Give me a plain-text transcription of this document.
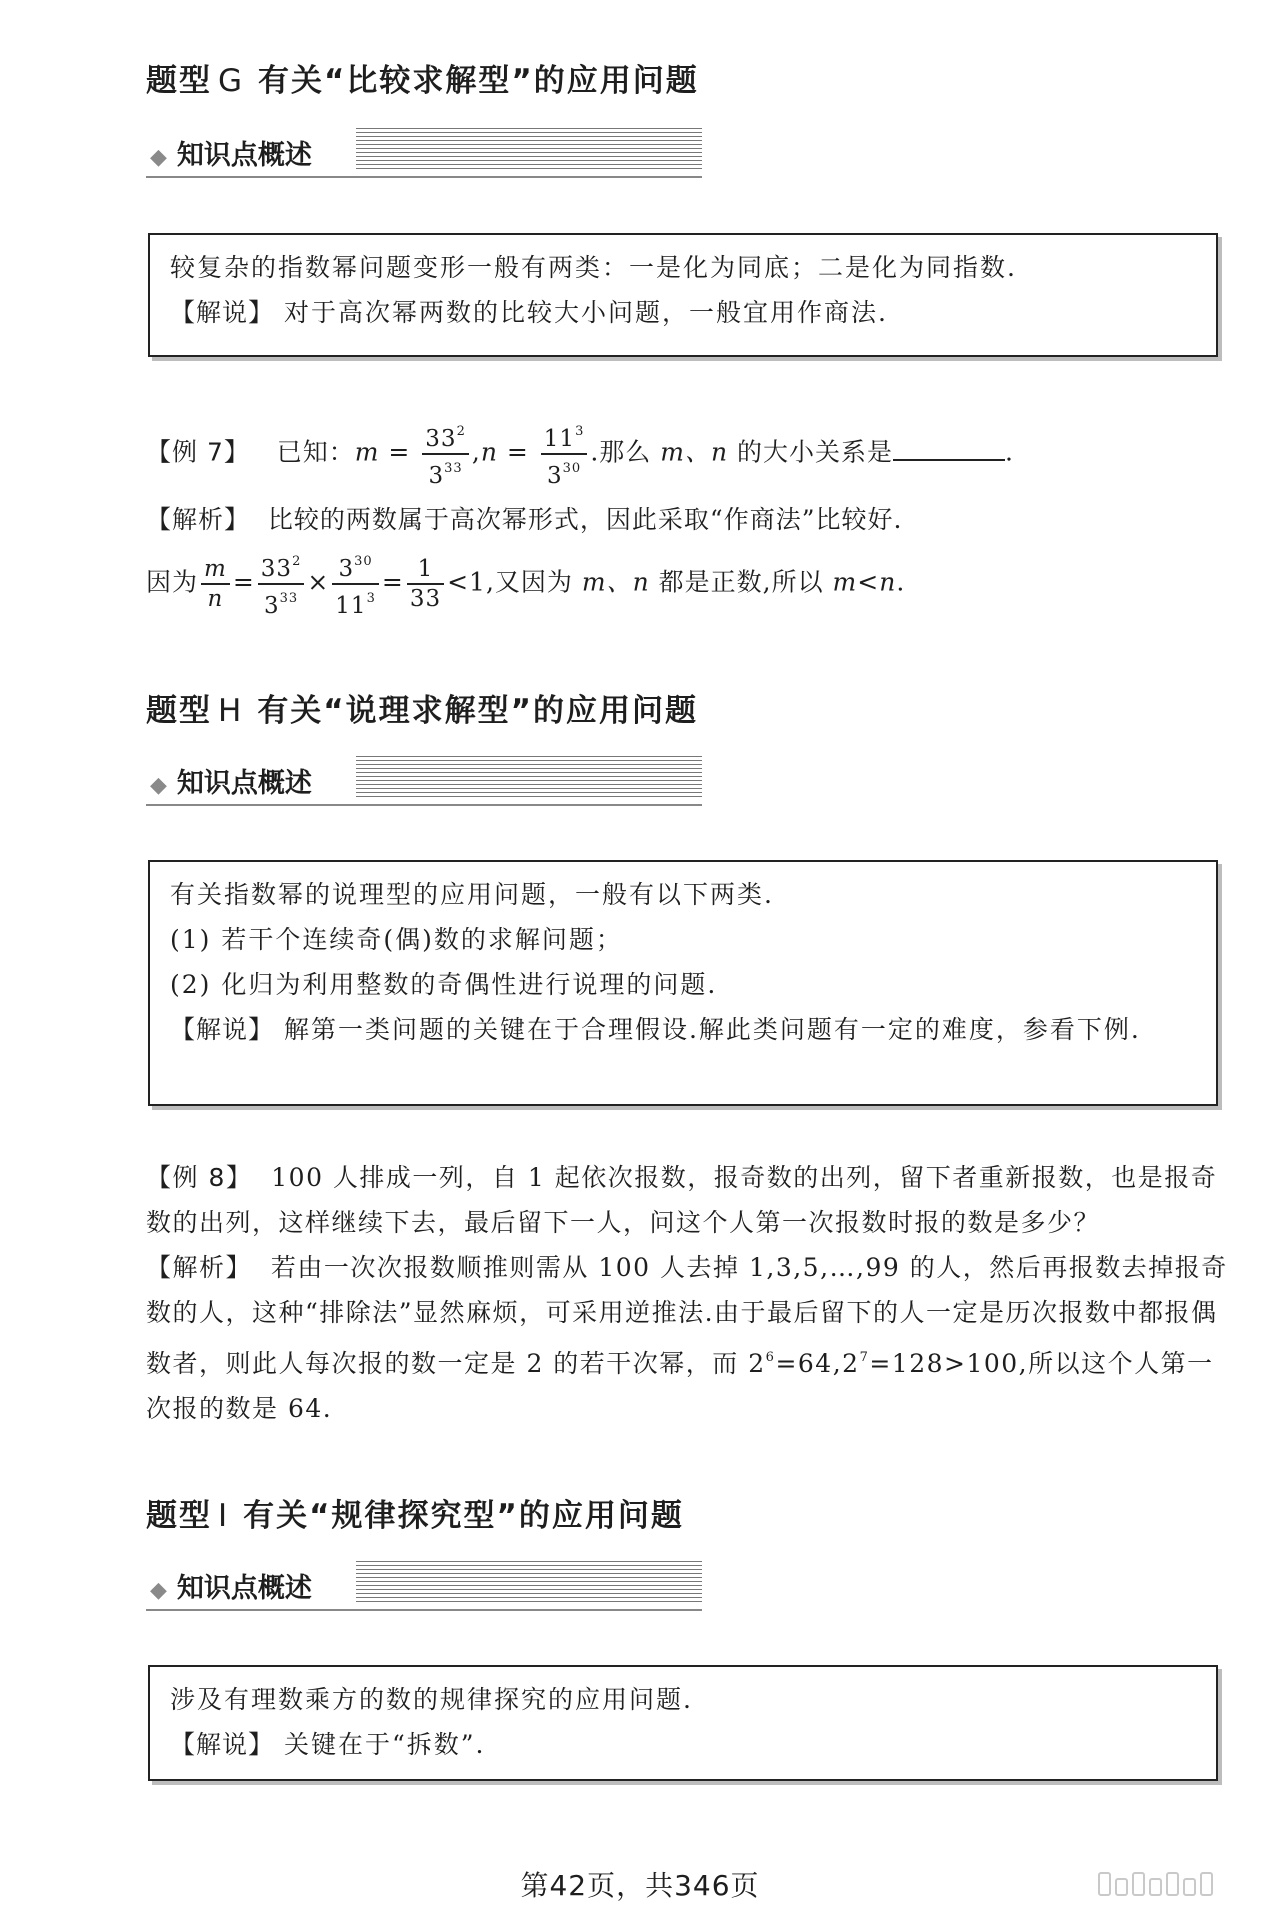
题型 G 有关“比较求解型”的应用问题
◆ 知识点概述

较复杂的指数幂问题变形一般有两类：一是化为同底；二是化为同指数.

【解说】 对于高次幂两数的比较大小问题，一般宜用作商法.

【例 7】 已知：$m = \frac{33^2}{3^{33}} ,n = \frac{11^3}{3^{30}}$ .那么 m、n 的大小关系是	.
【解析】 比较的两数属于高次幂形式，因此采取“作商法”比较好.
因为 $\frac{m}{n} = \frac{33^2}{3^{33}} \times \frac{3^{30}}{11^3} = \frac{1}{33} <1$,又因为 m、n 都是正数,所以 m<n.
题型 H 有关“说理求解型”的应用问题
◆ 知识点概述

有关指数幂的说理型的应用问题，一般有以下两类.

(1) 若干个连续奇(偶)数的求解问题；

(2) 化归为利用整数的奇偶性进行说理的问题.

【解说】 解第一类问题的关键在于合理假设.解此类问题有一定的难度，参看下例.

【例 8】 100 人排成一列，自 1 起依次报数，报奇数的出列，留下者重新报数，也是报奇数的出列，这样继续下去，最后留下一人，问这个人第一次报数时报的数是多少？
【解析】 若由一次次报数顺推则需从 100 人去掉 1,3,5,…,99 的人，然后再报数去掉报奇数的人，这种“排除法”显然麻烦，可采用逆推法.由于最后留下的人一定是历次报数中都报偶数者，则此人每次报的数一定是 2 的若干次幂，而 $2^6=64,2^7=128>100$,所以这个人第一次报的数是 64.
题型 I 有关“规律探究型”的应用问题
◆ 知识点概述

涉及有理数乘方的数的规律探究的应用问题.

【解说】 关键在于“拆数”.

第42页，共346页
